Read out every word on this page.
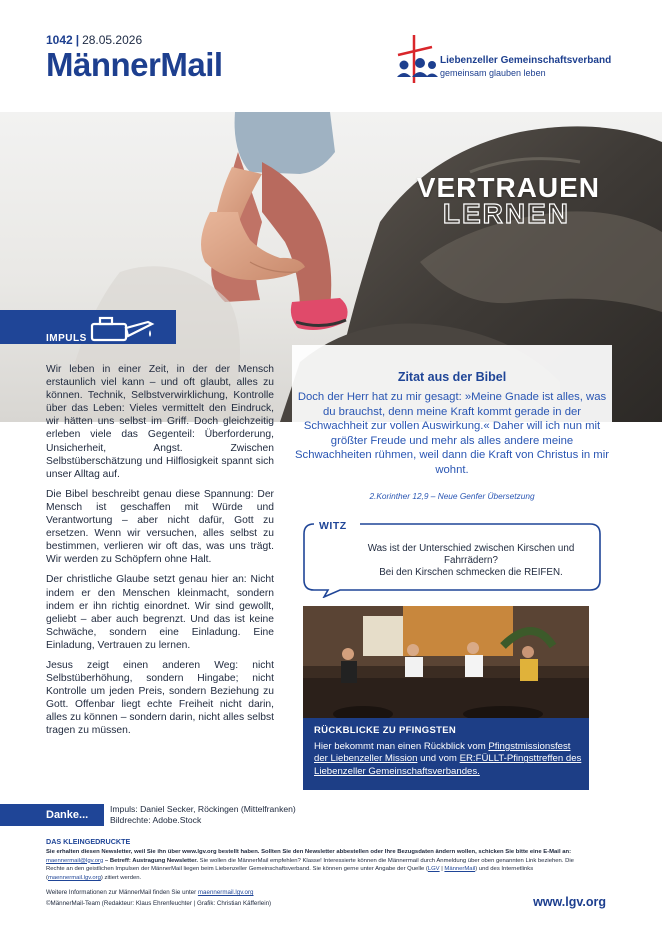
1042 | 28.05.2026
MännerMail	Liebenzeller Gemeinschaftsverband
gemeinsam glauben leben
VERTRAUEN
LERNEN
IMPULS

Wir leben in einer Zeit, in der der Mensch erstaunlich viel kann – und oft glaubt, alles zu können. Technik, Selbstverwirklichung, Kontrolle über das Leben: Vieles vermittelt den Eindruck, wir hätten uns selbst im Griff. Doch gleichzeitig erleben viele das Gegenteil: Überforderung, Unsicherheit, Angst. Zwischen Selbstüberschätzung und Hilflosigkeit spannt sich unser Alltag auf.

Die Bibel beschreibt genau diese Spannung: Der Mensch ist geschaffen mit Würde und Verantwortung – aber nicht dafür, Gott zu ersetzen. Wenn wir versuchen, alles selbst zu bestimmen, verlieren wir oft das, was uns trägt. Wir werden zu Schöpfern ohne Halt.

Der christliche Glaube setzt genau hier an: Nicht indem er den Menschen kleinmacht, sondern indem er ihn richtig einordnet. Wir sind gewollt, geliebt – aber auch begrenzt. Und das ist keine Schwäche, sondern eine Einladung. Eine Einladung, Vertrauen zu lernen.

Jesus zeigt einen anderen Weg: nicht Selbstüberhöhung, sondern Hingabe; nicht Kontrolle um jeden Preis, sondern Beziehung zu Gott. Offenbar liegt echte Freiheit nicht darin, alles zu können – sondern darin, nicht alles selbst tragen zu müssen.

Zitat aus der Bibel
Doch der Herr hat zu mir gesagt: »Meine Gnade ist alles, was du brauchst, denn meine Kraft kommt gerade in der Schwachheit zur vollen Auswirkung.« Daher will ich nun mit größter Freude und mehr als alles andere meine Schwachheiten rühmen, weil dann die Kraft von Christus in mir wohnt.
2.Korinther 12,9 – Neue Genfer Übersetzung
WITZ
Was ist der Unterschied zwischen Kirschen und Fahrrädern?
Bei den Kirschen schmecken die REIFEN.
RÜCKBLICKE ZU PFINGSTEN
Hier bekommt man einen Rückblick vom Pfingstmissionsfest der Liebenzeller Mission und vom ER:FÜLLT-Pfingsttreffen des Liebenzeller Gemeinschaftsverbandes.
Danke...	Impuls: Daniel Secker, Röckingen (Mittelfranken)
Bildrechte: Adobe.Stock
DAS KLEINGEDRUCKTE
Sie erhalten diesen Newsletter, weil Sie ihn über www.lgv.org bestellt haben. Sollten Sie den Newsletter abbestellen oder Ihre Bezugsdaten ändern wollen, schicken Sie bitte eine E-Mail an: maennermail@lgv.org – Betreff: Austragung Newsletter. Sie wollen die MännerMail empfehlen? Klasse! Interessierte können die Männermail durch Anmeldung über oben genannten Link beziehen. Die Rechte an den geistlichen Impulsen der MännerMail liegen beim Liebenzeller Gemeinschaftsverband. Sie können gerne unter Angabe der Quelle (LGV | MännerMail) und des Internetlinks (maennermail.lgv.org) zitiert werden.
Weitere Informationen zur MännerMail finden Sie unter maennermail.lgv.org
©MännerMail-Team (Redakteur: Klaus Ehrenfeuchter | Grafik: Christian Käfferlein)	www.lgv.org
